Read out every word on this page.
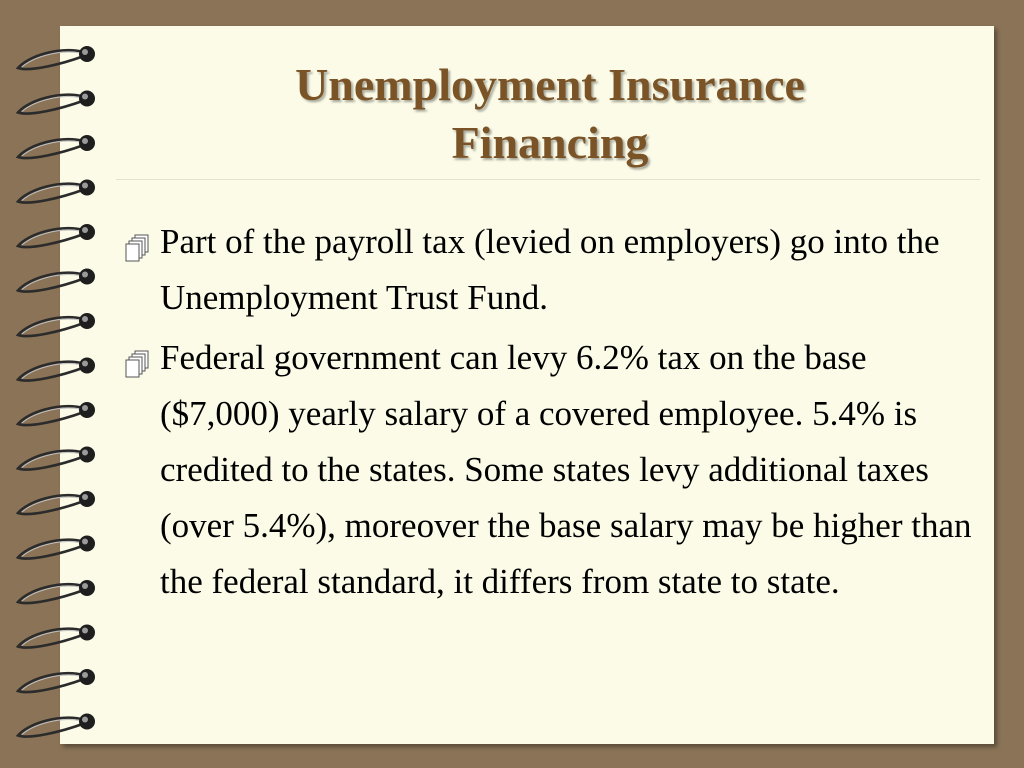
Unemployment Insurance
Financing
Part of the payroll tax (levied on employers) go into the Unemployment Trust Fund.
Federal government can levy 6.2% tax on the base ($7,000) yearly salary of a covered employee. 5.4% is credited to the states. Some states levy additional taxes (over 5.4%), moreover the base salary may be higher than the federal standard, it differs from state to state.
